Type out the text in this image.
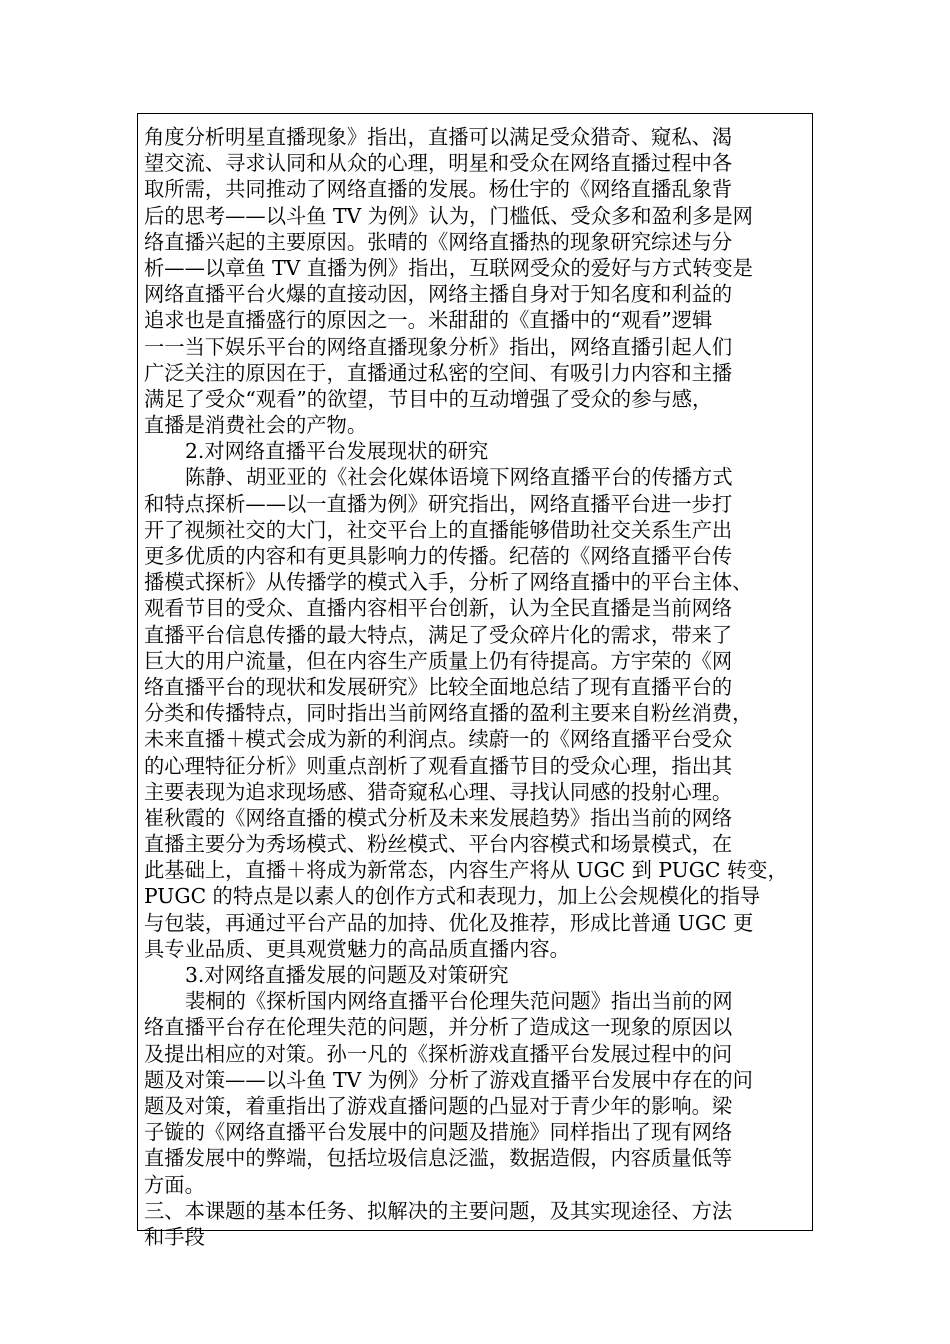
角度分析明星直播现象》指出，直播可以满足受众猎奇、窥私、渴
望交流、寻求认同和从众的心理，明星和受众在网络直播过程中各
取所需，共同推动了网络直播的发展。杨仕宇的《网络直播乱象背
后的思考——以斗鱼 TV 为例》认为，门槛低、受众多和盈利多是网
络直播兴起的主要原因。张晴的《网络直播热的现象研究综述与分
析——以章鱼 TV 直播为例》指出，互联网受众的爱好与方式转变是
网络直播平台火爆的直接动因，网络主播自身对于知名度和利益的
追求也是直播盛行的原因之一。米甜甜的《直播中的“观看”逻辑
一一当下娱乐平台的网络直播现象分析》指出，网络直播引起人们
广泛关注的原因在于，直播通过私密的空间、有吸引力内容和主播
满足了受众“观看”的欲望，节目中的互动增强了受众的参与感，
直播是消费社会的产物。
2.对网络直播平台发展现状的研究
陈静、胡亚亚的《社会化媒体语境下网络直播平台的传播方式
和特点探析——以一直播为例》研究指出，网络直播平台进一步打
开了视频社交的大门，社交平台上的直播能够借助社交关系生产出
更多优质的内容和有更具影响力的传播。纪蓓的《网络直播平台传
播模式探析》从传播学的模式入手，分析了网络直播中的平台主体、
观看节目的受众、直播内容相平台创新，认为全民直播是当前网络
直播平台信息传播的最大特点，满足了受众碎片化的需求，带来了
巨大的用户流量，但在内容生产质量上仍有待提高。方宇荣的《网
络直播平台的现状和发展研究》比较全面地总结了现有直播平台的
分类和传播特点，同时指出当前网络直播的盈利主要来自粉丝消费，
未来直播＋模式会成为新的利润点。续蔚一的《网络直播平台受众
的心理特征分析》则重点剖析了观看直播节目的受众心理，指出其
主要表现为追求现场感、猎奇窥私心理、寻找认同感的投射心理。
崔秋霞的《网络直播的模式分析及未来发展趋势》指出当前的网络
直播主要分为秀场模式、粉丝模式、平台内容模式和场景模式，在
此基础上，直播＋将成为新常态，内容生产将从 UGC 到 PUGC 转变，
PUGC 的特点是以素人的创作方式和表现力，加上公会规模化的指导
与包装，再通过平台产品的加持、优化及推荐，形成比普通 UGC 更
具专业品质、更具观赏魅力的高品质直播内容。
3.对网络直播发展的问题及对策研究
裴桐的《探析国内网络直播平台伦理失范问题》指出当前的网
络直播平台存在伦理失范的问题，并分析了造成这一现象的原因以
及提出相应的对策。孙一凡的《探析游戏直播平台发展过程中的问
题及对策——以斗鱼 TV 为例》分析了游戏直播平台发展中存在的问
题及对策，着重指出了游戏直播问题的凸显对于青少年的影响。梁
子镟的《网络直播平台发展中的问题及措施》同样指出了现有网络
直播发展中的弊端，包括垃圾信息泛滥，数据造假，内容质量低等
方面。
三、本课题的基本任务、拟解决的主要问题，及其实现途径、方法
和手段
